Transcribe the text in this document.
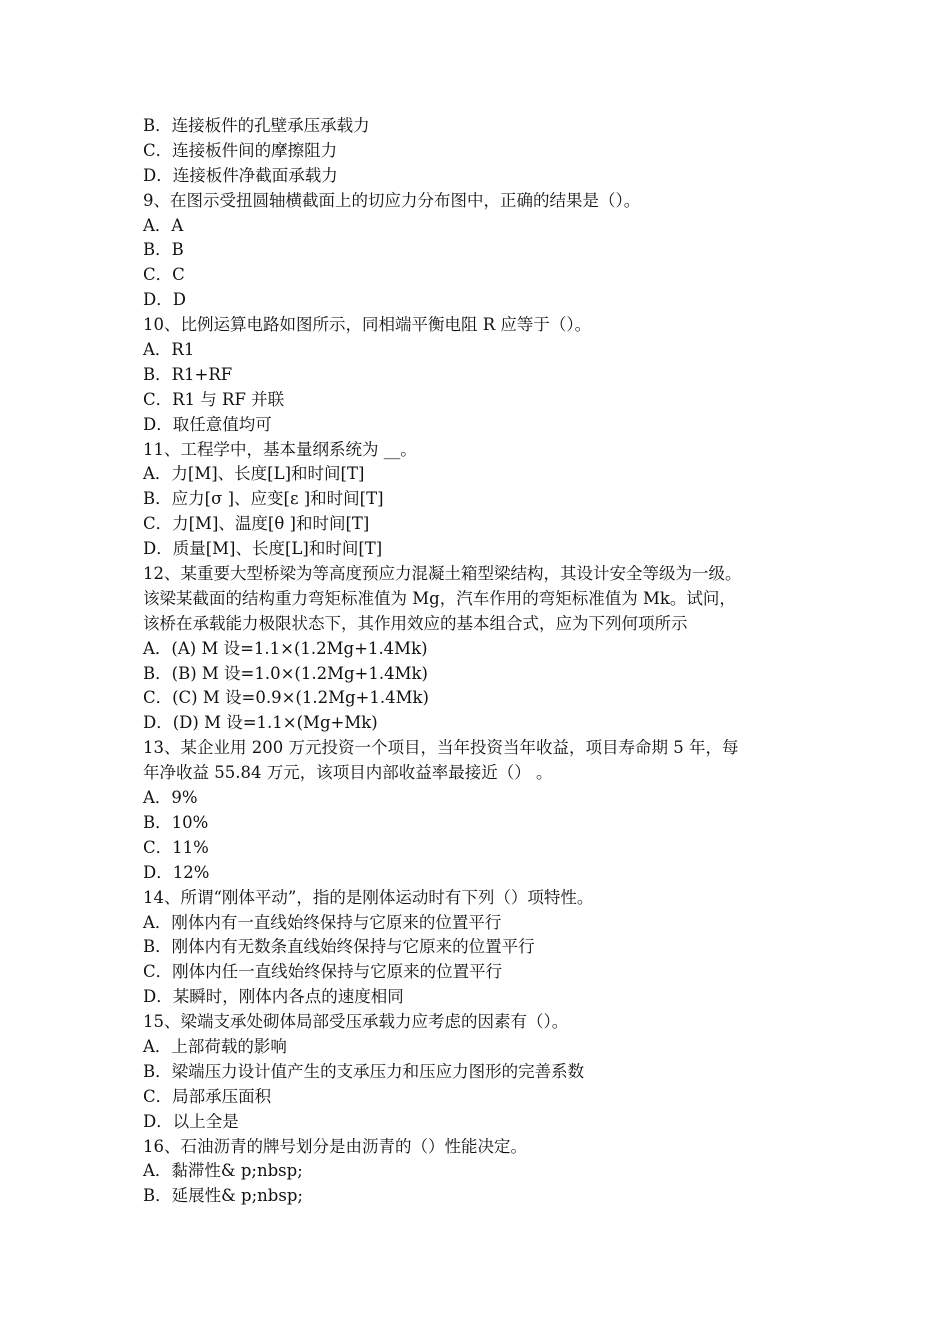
B．连接板件的孔壁承压承载力
C．连接板件间的摩擦阻力
D．连接板件净截面承载力
9、在图示受扭圆轴横截面上的切应力分布图中，正确的结果是（）。
A．A
B．B
C．C
D．D
10、比例运算电路如图所示，同相端平衡电阻 R 应等于（）。
A．R1
B．R1+RF
C．R1 与 RF 并联
D．取任意值均可
11、工程学中，基本量纲系统为 __。
A．力[M]、长度[L]和时间[T]
B．应力[σ ]、应变[ε ]和时间[T]
C．力[M]、温度[θ ]和时间[T]
D．质量[M]、长度[L]和时间[T]
12、某重要大型桥梁为等高度预应力混凝土箱型梁结构，其设计安全等级为一级。
该梁某截面的结构重力弯矩标准值为 Mg，汽车作用的弯矩标准值为 Mk。试问，
该桥在承载能力极限状态下，其作用效应的基本组合式，应为下列何项所示
A．(A) M 设=1.1×(1.2Mg+1.4Mk)
B．(B) M 设=1.0×(1.2Mg+1.4Mk)
C．(C) M 设=0.9×(1.2Mg+1.4Mk)
D．(D) M 设=1.1×(Mg+Mk)
13、某企业用 200 万元投资一个项目，当年投资当年收益，项目寿命期 5 年，每
年净收益 55.84 万元，该项目内部收益率最接近（） 。
A．9%
B．10%
C．11%
D．12%
14、所谓“刚体平动”，指的是刚体运动时有下列（）项特性。
A．刚体内有一直线始终保持与它原来的位置平行
B．刚体内有无数条直线始终保持与它原来的位置平行
C．刚体内任一直线始终保持与它原来的位置平行
D．某瞬时，刚体内各点的速度相同
15、梁端支承处砌体局部受压承载力应考虑的因素有（）。
A．上部荷载的影响
B．梁端压力设计值产生的支承压力和压应力图形的完善系数
C．局部承压面积
D．以上全是
16、石油沥青的牌号划分是由沥青的（）性能决定。
A．黏滞性& p;nbsp;
B．延展性& p;nbsp;
